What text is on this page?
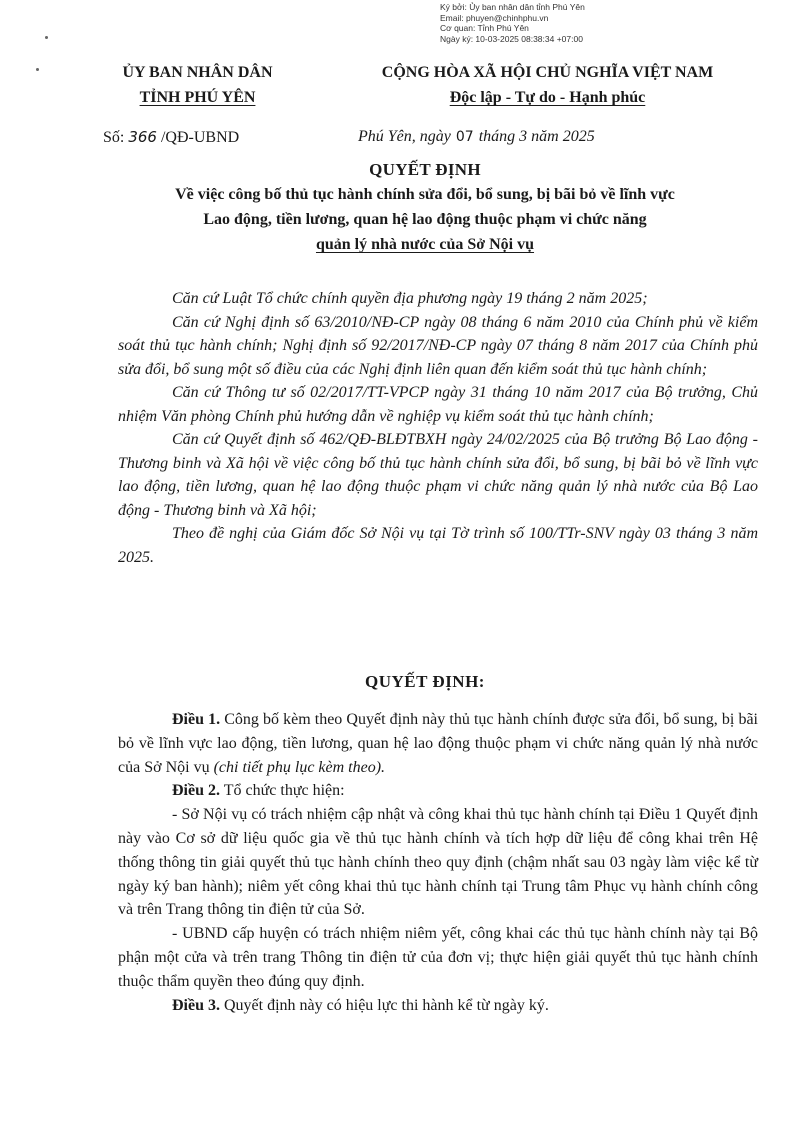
Ký bởi: Ủy ban nhân dân tỉnh Phú Yên
Email: phuyen@chinhphu.vn
Cơ quan: Tỉnh Phú Yên
Ngày ký: 10-03-2025 08:38:34 +07:00
ỦY BAN NHÂN DÂN
TỈNH PHÚ YÊN
CỘNG HÒA XÃ HỘI CHỦ NGHĨA VIỆT NAM
Độc lập - Tự do - Hạnh phúc
Số: 366 /QĐ-UBND	Phú Yên, ngày 07 tháng 3 năm 2025
QUYẾT ĐỊNH
Về việc công bố thủ tục hành chính sửa đổi, bổ sung, bị bãi bỏ về lĩnh vực
Lao động, tiền lương, quan hệ lao động thuộc phạm vi chức năng
quản lý nhà nước của Sở Nội vụ

Căn cứ Luật Tổ chức chính quyền địa phương ngày 19 tháng 2 năm 2025;

Căn cứ Nghị định số 63/2010/NĐ-CP ngày 08 tháng 6 năm 2010 của Chính phủ về kiểm soát thủ tục hành chính; Nghị định số 92/2017/NĐ-CP ngày 07 tháng 8 năm 2017 của Chính phủ sửa đổi, bổ sung một số điều của các Nghị định liên quan đến kiểm soát thủ tục hành chính;

Căn cứ Thông tư số 02/2017/TT-VPCP ngày 31 tháng 10 năm 2017 của Bộ trưởng, Chủ nhiệm Văn phòng Chính phủ hướng dẫn về nghiệp vụ kiểm soát thủ tục hành chính;

Căn cứ Quyết định số 462/QĐ-BLĐTBXH ngày 24/02/2025 của Bộ trưởng Bộ Lao động - Thương binh và Xã hội về việc công bố thủ tục hành chính sửa đổi, bổ sung, bị bãi bỏ về lĩnh vực lao động, tiền lương, quan hệ lao động thuộc phạm vi chức năng quản lý nhà nước của Bộ Lao động - Thương binh và Xã hội;

Theo đề nghị của Giám đốc Sở Nội vụ tại Tờ trình số 100/TTr-SNV ngày 03 tháng 3 năm 2025.

QUYẾT ĐỊNH:

Điều 1. Công bố kèm theo Quyết định này thủ tục hành chính được sửa đổi, bổ sung, bị bãi bỏ về lĩnh vực lao động, tiền lương, quan hệ lao động thuộc phạm vi chức năng quản lý nhà nước của Sở Nội vụ (chi tiết phụ lục kèm theo).

Điều 2. Tổ chức thực hiện:

- Sở Nội vụ có trách nhiệm cập nhật và công khai thủ tục hành chính tại Điều 1 Quyết định này vào Cơ sở dữ liệu quốc gia về thủ tục hành chính và tích hợp dữ liệu để công khai trên Hệ thống thông tin giải quyết thủ tục hành chính theo quy định (chậm nhất sau 03 ngày làm việc kể từ ngày ký ban hành); niêm yết công khai thủ tục hành chính tại Trung tâm Phục vụ hành chính công và trên Trang thông tin điện tử của Sở.

- UBND cấp huyện có trách nhiệm niêm yết, công khai các thủ tục hành chính này tại Bộ phận một cửa và trên trang Thông tin điện tử của đơn vị; thực hiện giải quyết thủ tục hành chính thuộc thẩm quyền theo đúng quy định.

Điều 3. Quyết định này có hiệu lực thi hành kể từ ngày ký.
